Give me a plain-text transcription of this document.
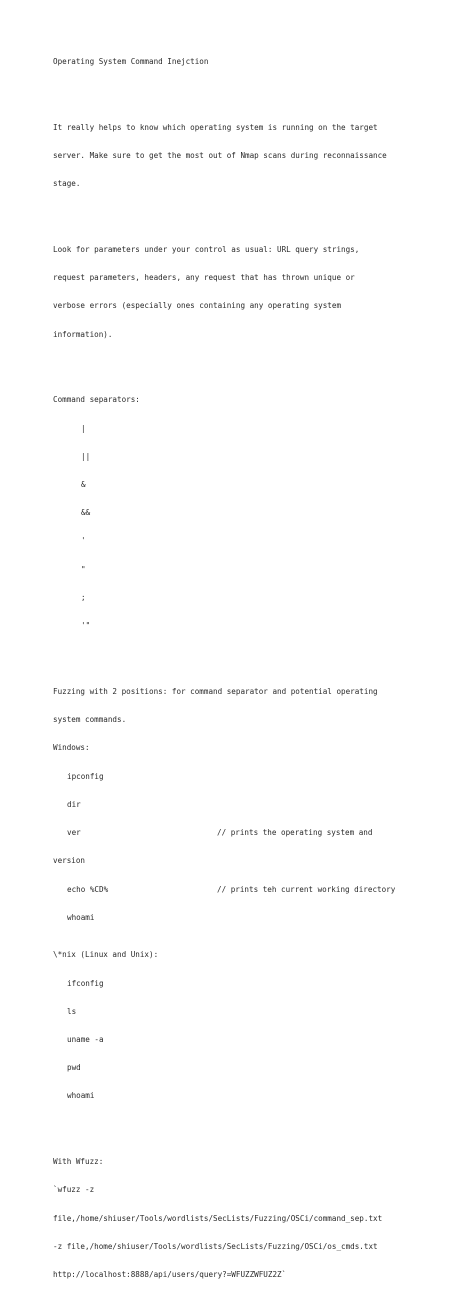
Operating System Command Inejction

It really helps to know which operating system is running on the target

server. Make sure to get the most out of Nmap scans during reconnaissance

stage.

Look for parameters under your control as usual: URL query strings,

request parameters, headers, any request that has thrown unique or

verbose errors (especially ones containing any operating system

information).

Command separators:

|

||

&

&&

'

"

;

'"

Fuzzing with 2 positions: for command separator and potential operating

system commands.

Windows:

ipconfig

dir

ver	// prints the operating system and

version

echo %CD%	// prints teh current working directory

whoami

\*nix (Linux and Unix):

ifconfig

ls

uname -a

pwd

whoami

With Wfuzz:

`wfuzz -z

file,/home/shiuser/Tools/wordlists/SecLists/Fuzzing/OSCi/command_sep.txt

-z file,/home/shiuser/Tools/wordlists/SecLists/Fuzzing/OSCi/os_cmds.txt

http://localhost:8888/api/users/query?=WFUZZWFUZ2Z`
